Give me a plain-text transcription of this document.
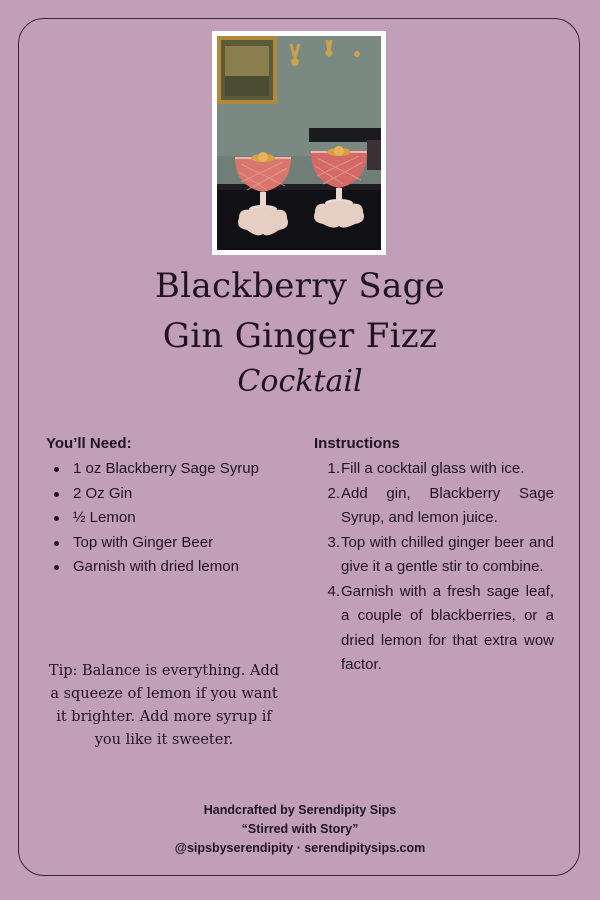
Blackberry Sage
Gin Ginger Fizz
Cocktail
You’ll Need:
1 oz Blackberry Sage Syrup
2 Oz Gin
½ Lemon
Top with Ginger Beer
Garnish with dried lemon
Instructions
1. Fill a cocktail glass with ice.
2. Add gin, Blackberry Sage Syrup, and lemon juice.
3. Top with chilled ginger beer and give it a gentle stir to combine.
4. Garnish with a fresh sage leaf, a couple of blackberries, or a dried lemon for that extra wow factor.
Tip: Balance is everything. Add a squeeze of lemon if you want it brighter. Add more syrup if you like it sweeter.
Handcrafted by Serendipity Sips
“Stirred with Story”
@sipsbyserendipity · serendipitysips.com
